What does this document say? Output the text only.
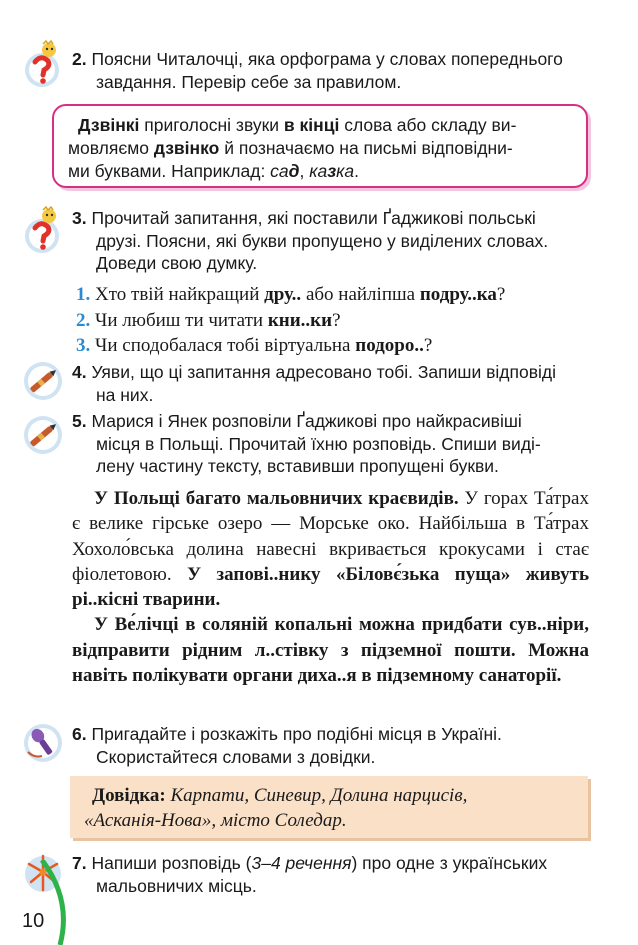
2. Поясни Читалочці, яка орфограма у словах попереднього
завдання. Перевір себе за правилом.

Дзвінкі приголосні звуки в кінці слова або складу ви-

мовляємо дзвінко й позначаємо на письмі відповідни-

ми буквами. Наприклад: сад, казка.

3. Прочитай запитання, які поставили Ґаджикові польські
друзі. Поясни, які букви пропущено у виділених словах.
Доведи свою думку.
1. Хто твій найкращий дру.. або найліпша подру..ка?
2. Чи любиш ти читати кни..ки?
3. Чи сподобалася тобі віртуальна подоро..?
4. Уяви, що ці запитання адресовано тобі. Запиши відповіді
на них.
5. Марися і Янек розповіли Ґаджикові про найкрасивіші
місця в Польщі. Прочитай їхню розповідь. Спиши виді-
лену частину тексту, вставивши пропущені букви.

У Польщі багато мальовничих краєвидів. У горах Та́трах є велике гірське озеро — Морське око. Найбільша в Та́трах Хохоло́вська долина навесні вкривається крокусами і стає фіолетовою. У запові..нику «Біловє́зька пуща» живуть рі..кісні тварини.

У Ве́лічці в соляній копальні можна придбати сув..ніри, відправити рідним л..стівку з підземної пошти. Можна навіть полікувати органи диха..я в підземному санаторії.

6. Пригадайте і розкажіть про подібні місця в Україні.
Скористайтеся словами з довідки.

Довідка: Карпати, Синевир, Долина нарцисів,

«Асканія-Нова», місто Соледар.

7. Напиши розповідь (3–4 речення) про одне з українських
мальовничих місць.
10
